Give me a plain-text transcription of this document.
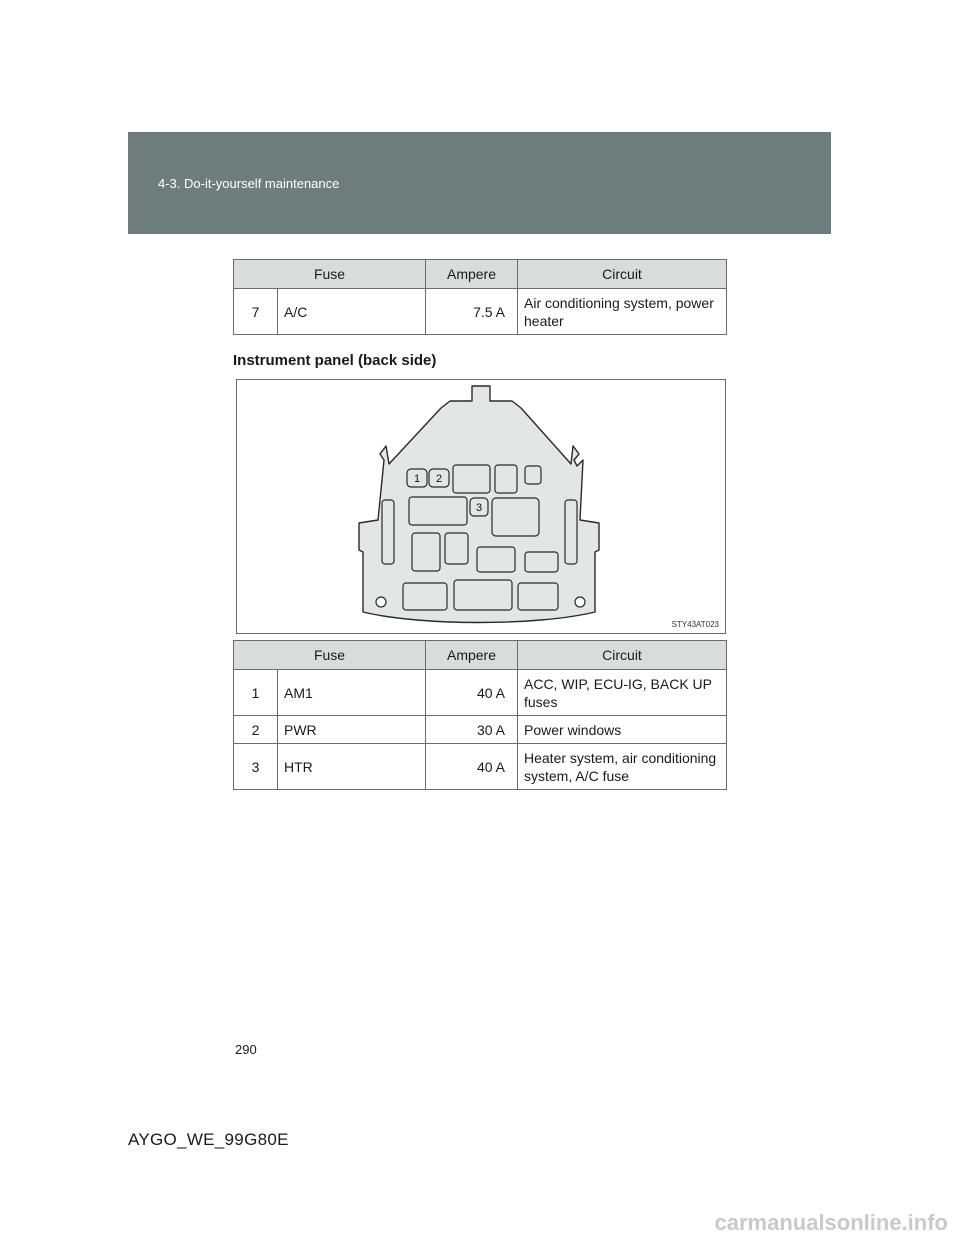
4-3. Do-it-yourself maintenance
Fuse		Ampere	Circuit
7	A/C	7.5 A	Air conditioning system, power heater
Instrument panel (back side)
1 2
3
STY43AT023
Fuse		Ampere	Circuit
1	AM1	40 A	ACC, WIP, ECU-IG, BACK UP fuses
2	PWR	30 A	Power windows
3	HTR	40 A	Heater system, air conditioning system, A/C fuse
290
AYGO_WE_99G80E
carmanualsonline.info
